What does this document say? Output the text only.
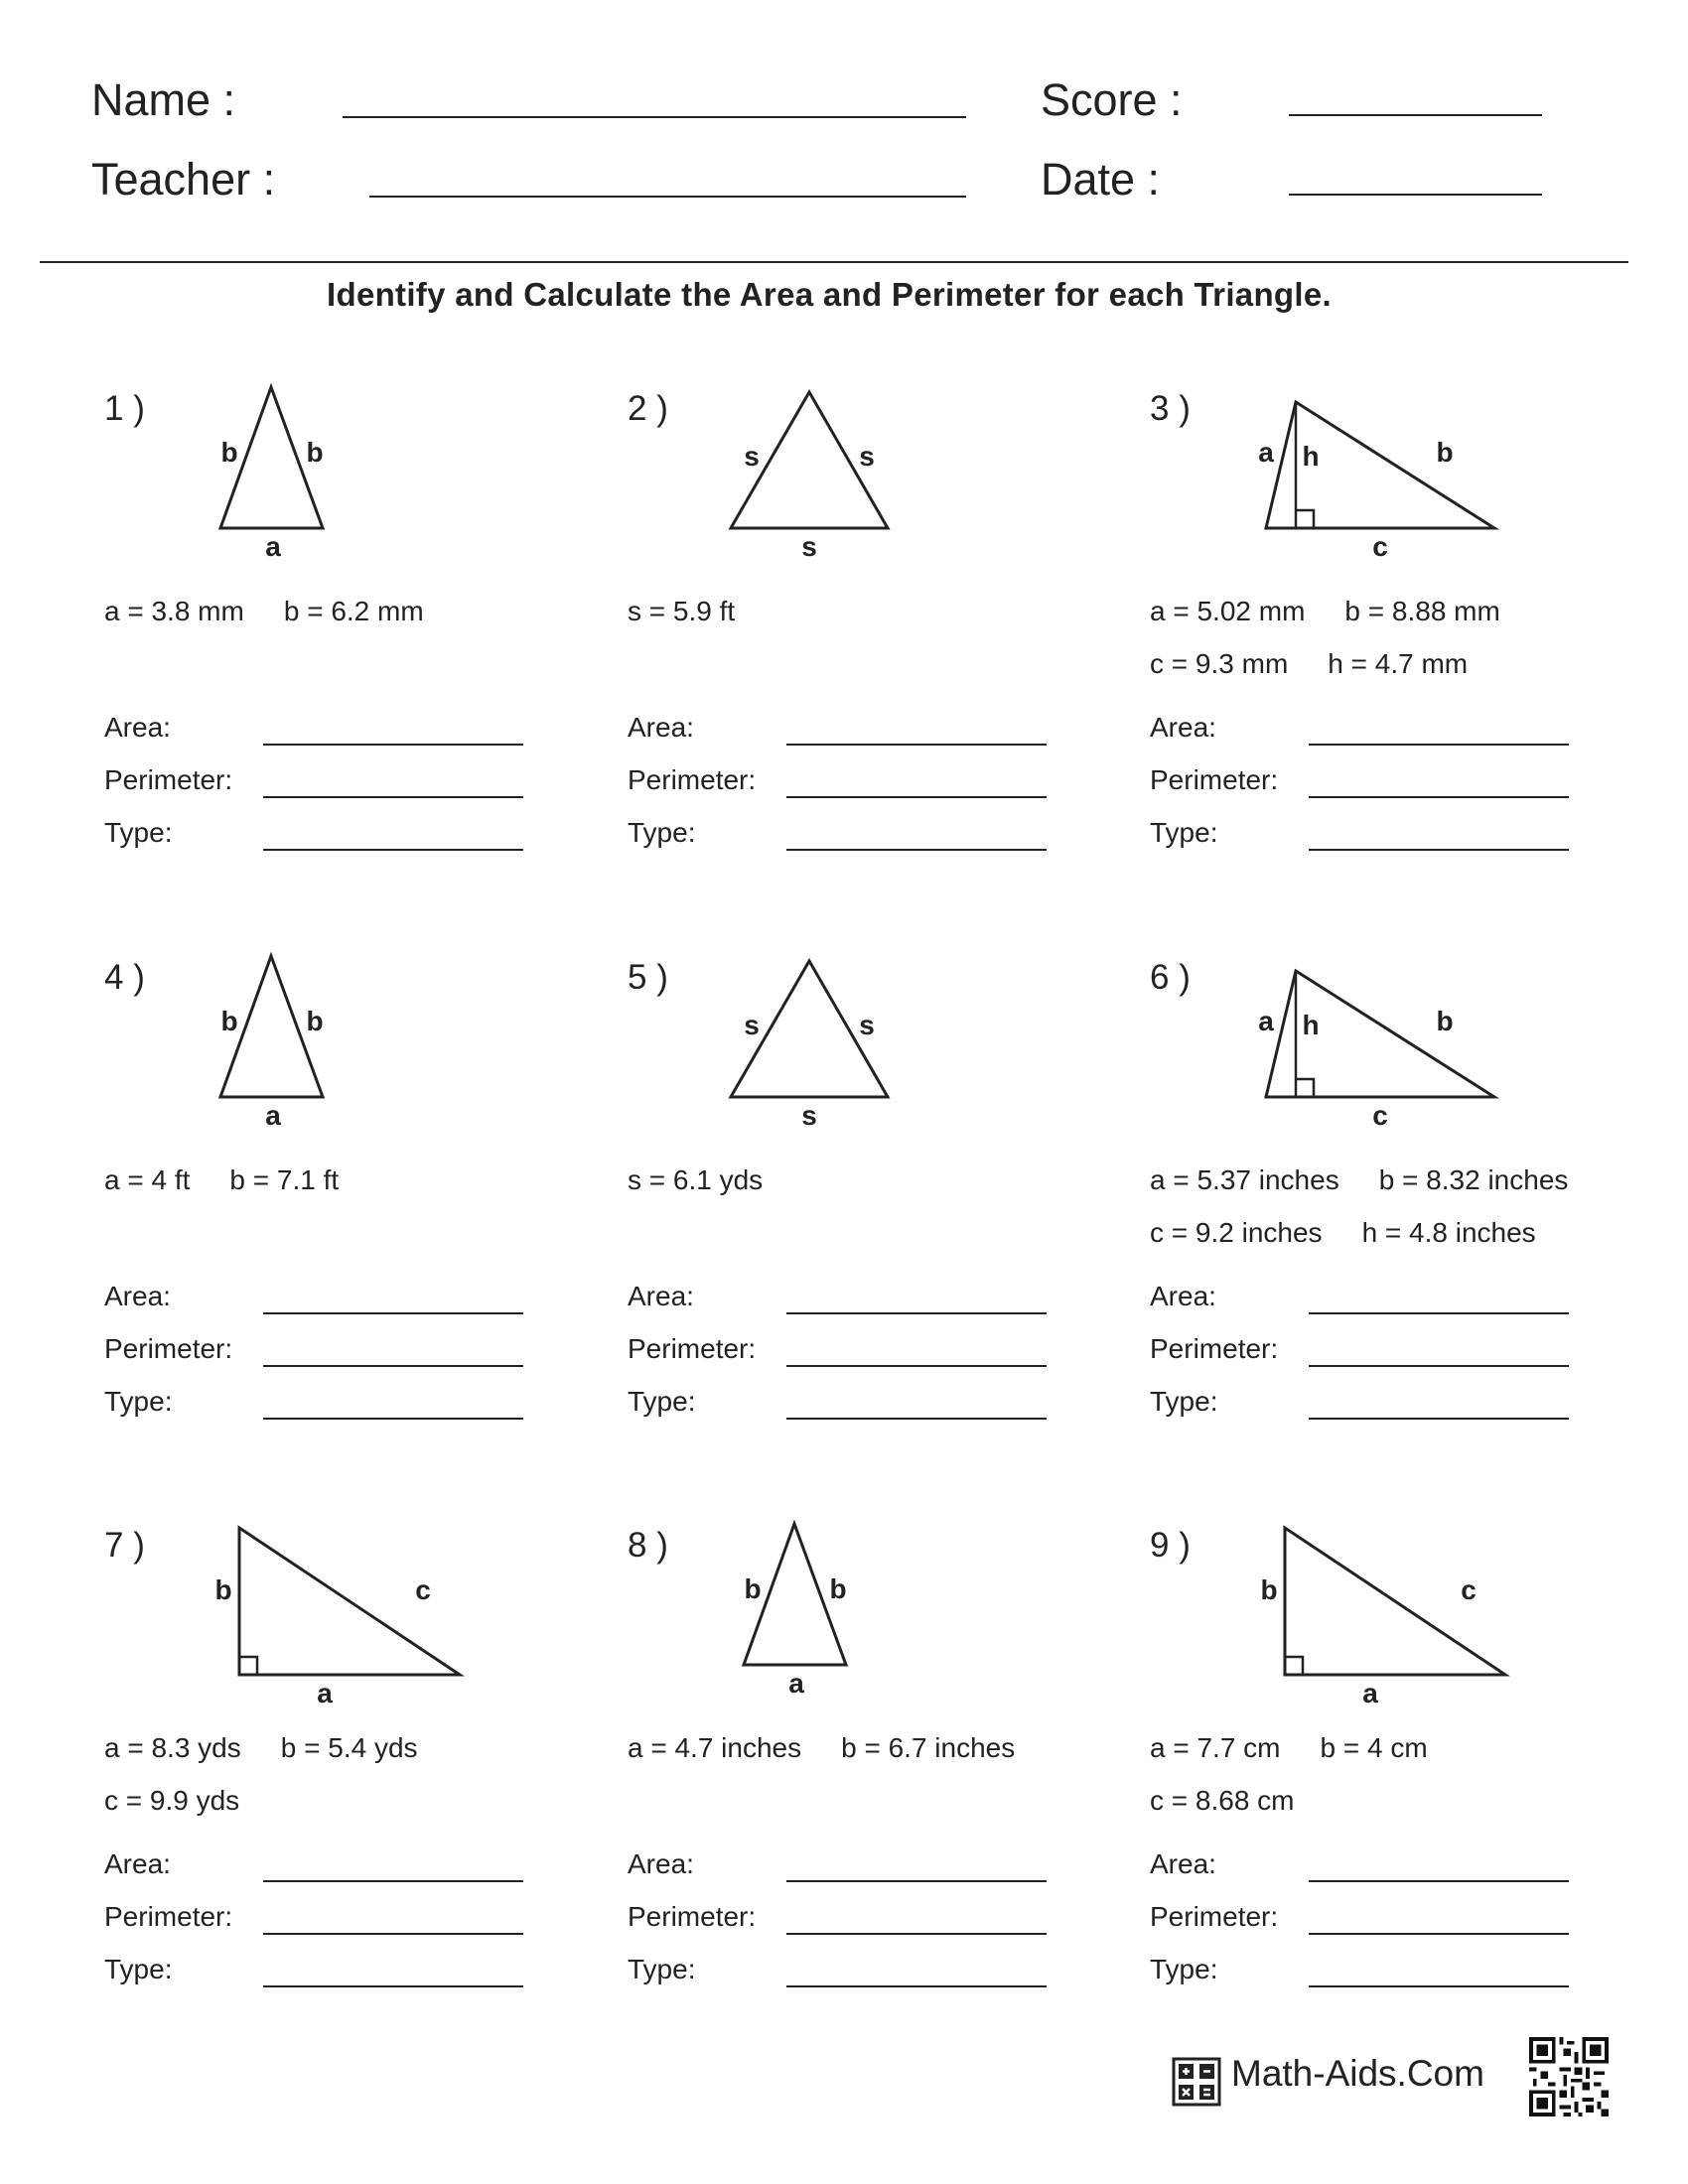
Name :
Teacher :
Score :
Date :
Identify and Calculate the Area and Perimeter for each Triangle.
1 )
b b
a
a = 3.8 mm b = 6.2 mm
Area:
Perimeter:
Type:
2 )
s	s
s
s = 5.9 ft
Area:
Perimeter:
Type:
3 )
a h	b
c
a = 5.02 mm b = 8.88 mm
c = 9.3 mm h = 4.7 mm
Area:
Perimeter:
Type:
4 )
b b
a
a = 4 ft b = 7.1 ft
Area:
Perimeter:
Type:
5 )
s	s
s
s = 6.1 yds
Area:
Perimeter:
Type:
6 )
a h	b
c
a = 5.37 inches b = 8.32 inches
c = 9.2 inches h = 4.8 inches
Area:
Perimeter:
Type:
7 )
b	c
a
a = 8.3 yds b = 5.4 yds
c = 9.9 yds
Area:
Perimeter:
Type:
8 )
b b
a
a = 4.7 inches b = 6.7 inches
Area:
Perimeter:
Type:
9 )
b	c
a
a = 7.7 cm b = 4 cm
c = 8.68 cm
Area:
Perimeter:
Type:
Math-Aids.Com
